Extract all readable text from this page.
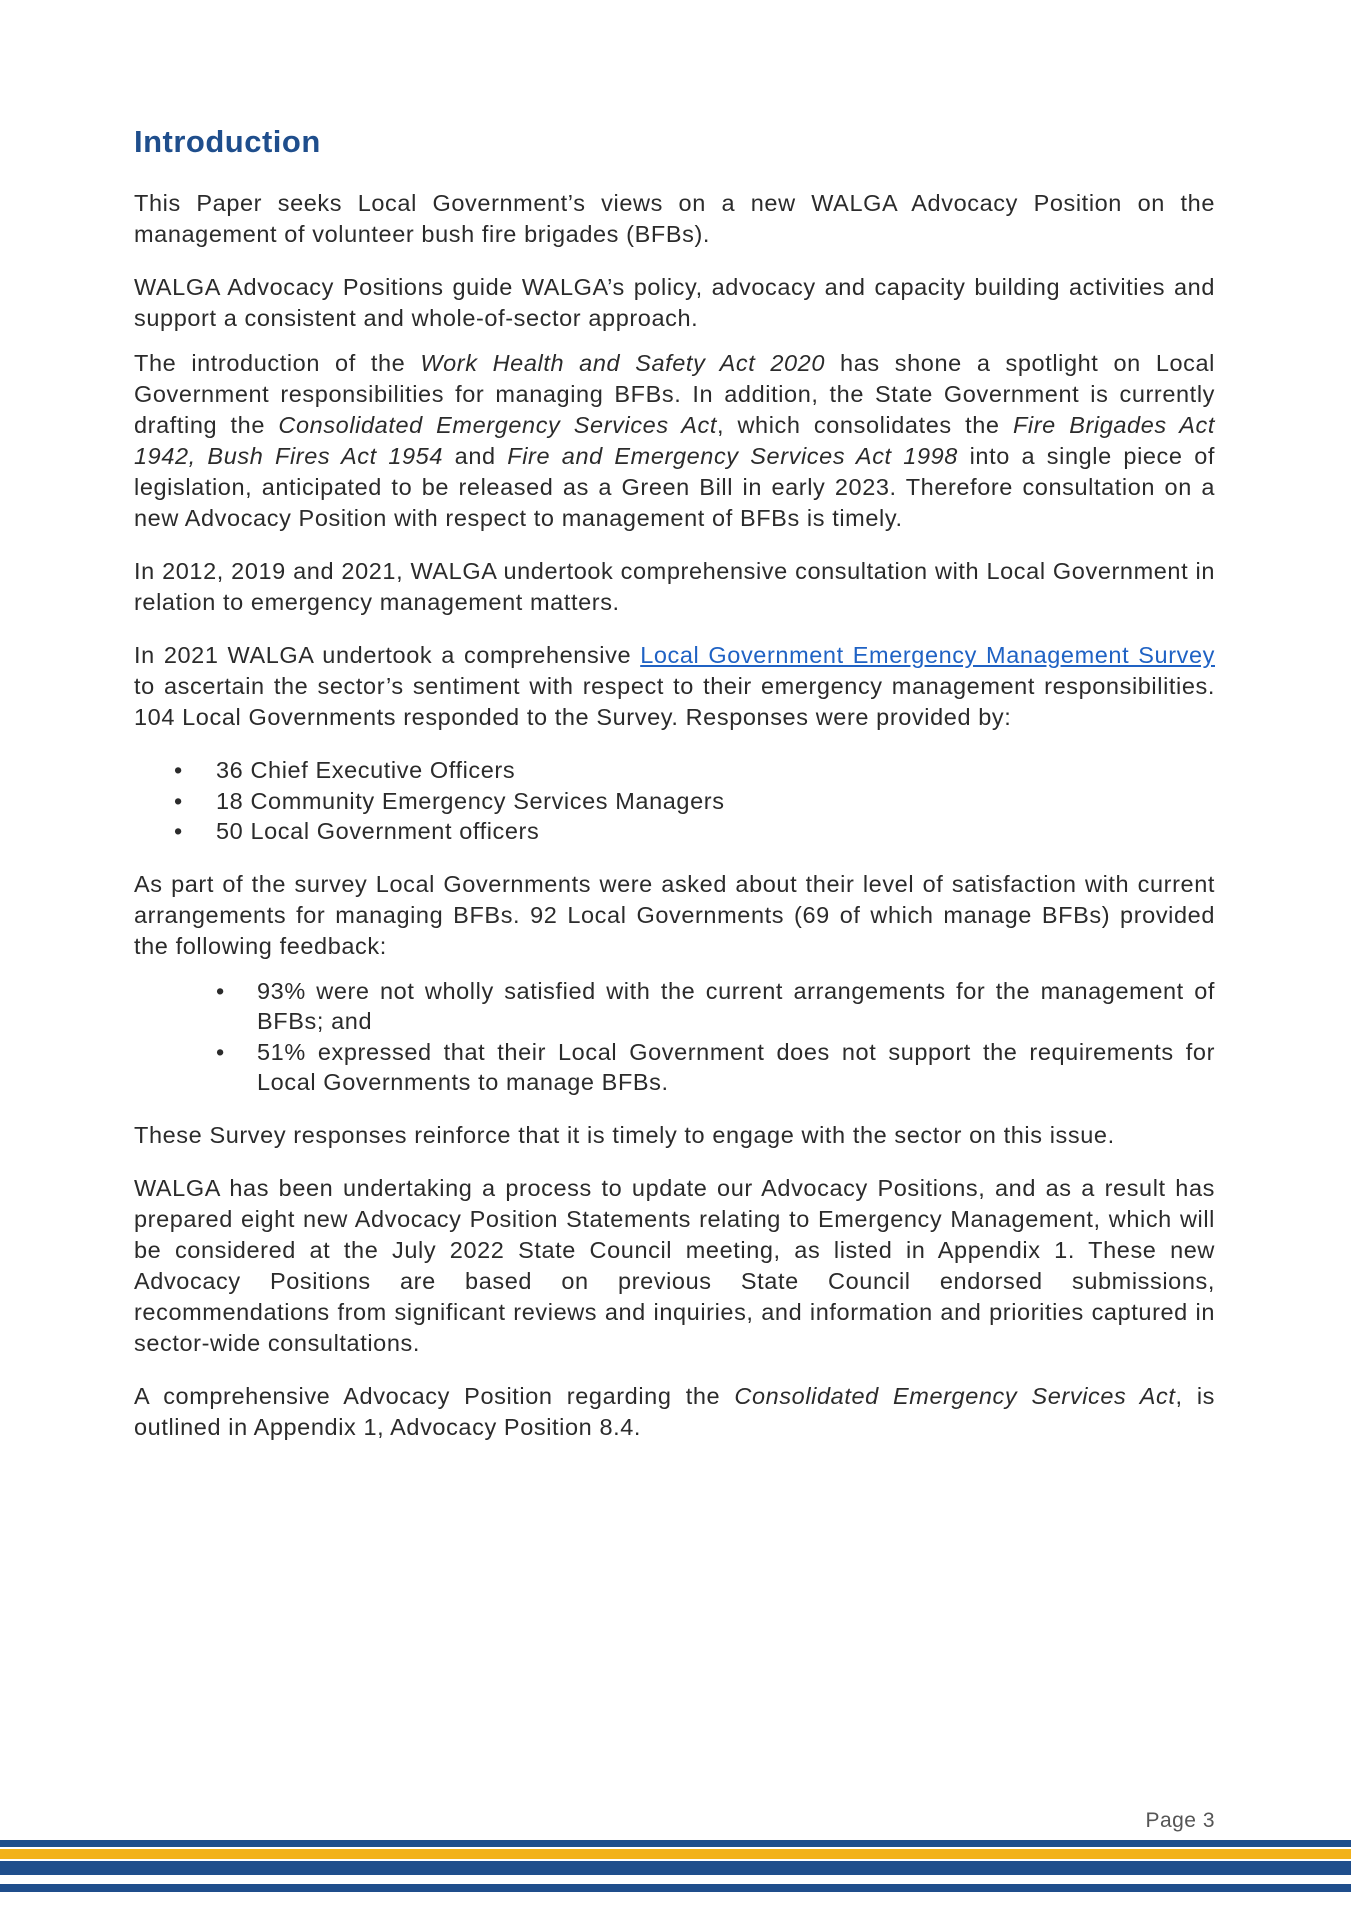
Introduction

This Paper seeks Local Government’s views on a new WALGA Advocacy Position on the management of volunteer bush fire brigades (BFBs).

WALGA Advocacy Positions guide WALGA’s policy, advocacy and capacity building activities and support a consistent and whole-of-sector approach.

The introduction of the Work Health and Safety Act 2020 has shone a spotlight on Local Government responsibilities for managing BFBs. In addition, the State Government is currently drafting the Consolidated Emergency Services Act, which consolidates the Fire Brigades Act 1942, Bush Fires Act 1954 and Fire and Emergency Services Act 1998 into a single piece of legislation, anticipated to be released as a Green Bill in early 2023. Therefore consultation on a new Advocacy Position with respect to management of BFBs is timely.

In 2012, 2019 and 2021, WALGA undertook comprehensive consultation with Local Government in relation to emergency management matters.

In 2021 WALGA undertook a comprehensive Local Government Emergency Management Survey to ascertain the sector’s sentiment with respect to their emergency management responsibilities. 104 Local Governments responded to the Survey. Responses were provided by:

• 36 Chief Executive Officers
• 18 Community Emergency Services Managers
• 50 Local Government officers

As part of the survey Local Governments were asked about their level of satisfaction with current arrangements for managing BFBs. 92 Local Governments (69 of which manage BFBs) provided the following feedback:

• 93% were not wholly satisfied with the current arrangements for the management of BFBs; and
• 51% expressed that their Local Government does not support the requirements for Local Governments to manage BFBs.

These Survey responses reinforce that it is timely to engage with the sector on this issue.

WALGA has been undertaking a process to update our Advocacy Positions, and as a result has prepared eight new Advocacy Position Statements relating to Emergency Management, which will be considered at the July 2022 State Council meeting, as listed in Appendix 1. These new Advocacy Positions are based on previous State Council endorsed submissions, recommendations from significant reviews and inquiries, and information and priorities captured in sector-wide consultations.

A comprehensive Advocacy Position regarding the Consolidated Emergency Services Act, is outlined in Appendix 1, Advocacy Position 8.4.

Page 3
